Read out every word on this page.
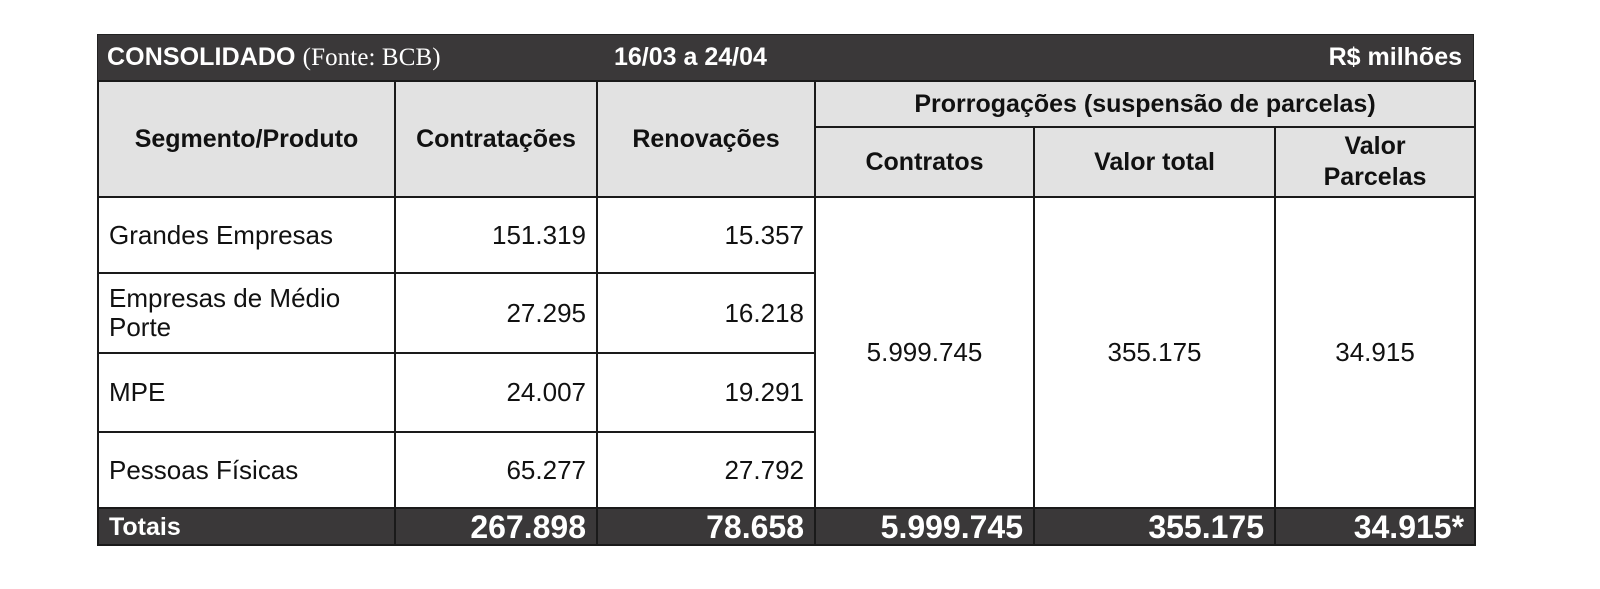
CONSOLIDADO (Fonte: BCB)	16/03 a 24/04	R$ milhões
Segmento/Produto	Contratações	Renovações	Prorrogações (suspensão de parcelas)		
			Contratos	Valor total	Valor
Parcelas
Grandes Empresas	151.319	15.357	5.999.745	355.175	34.915
Empresas de Médio
Porte	27.295	16.218			
MPE	24.007	19.291			
Pessoas Físicas	65.277	27.792			
Totais	267.898	78.658	5.999.745	355.175	34.915*
